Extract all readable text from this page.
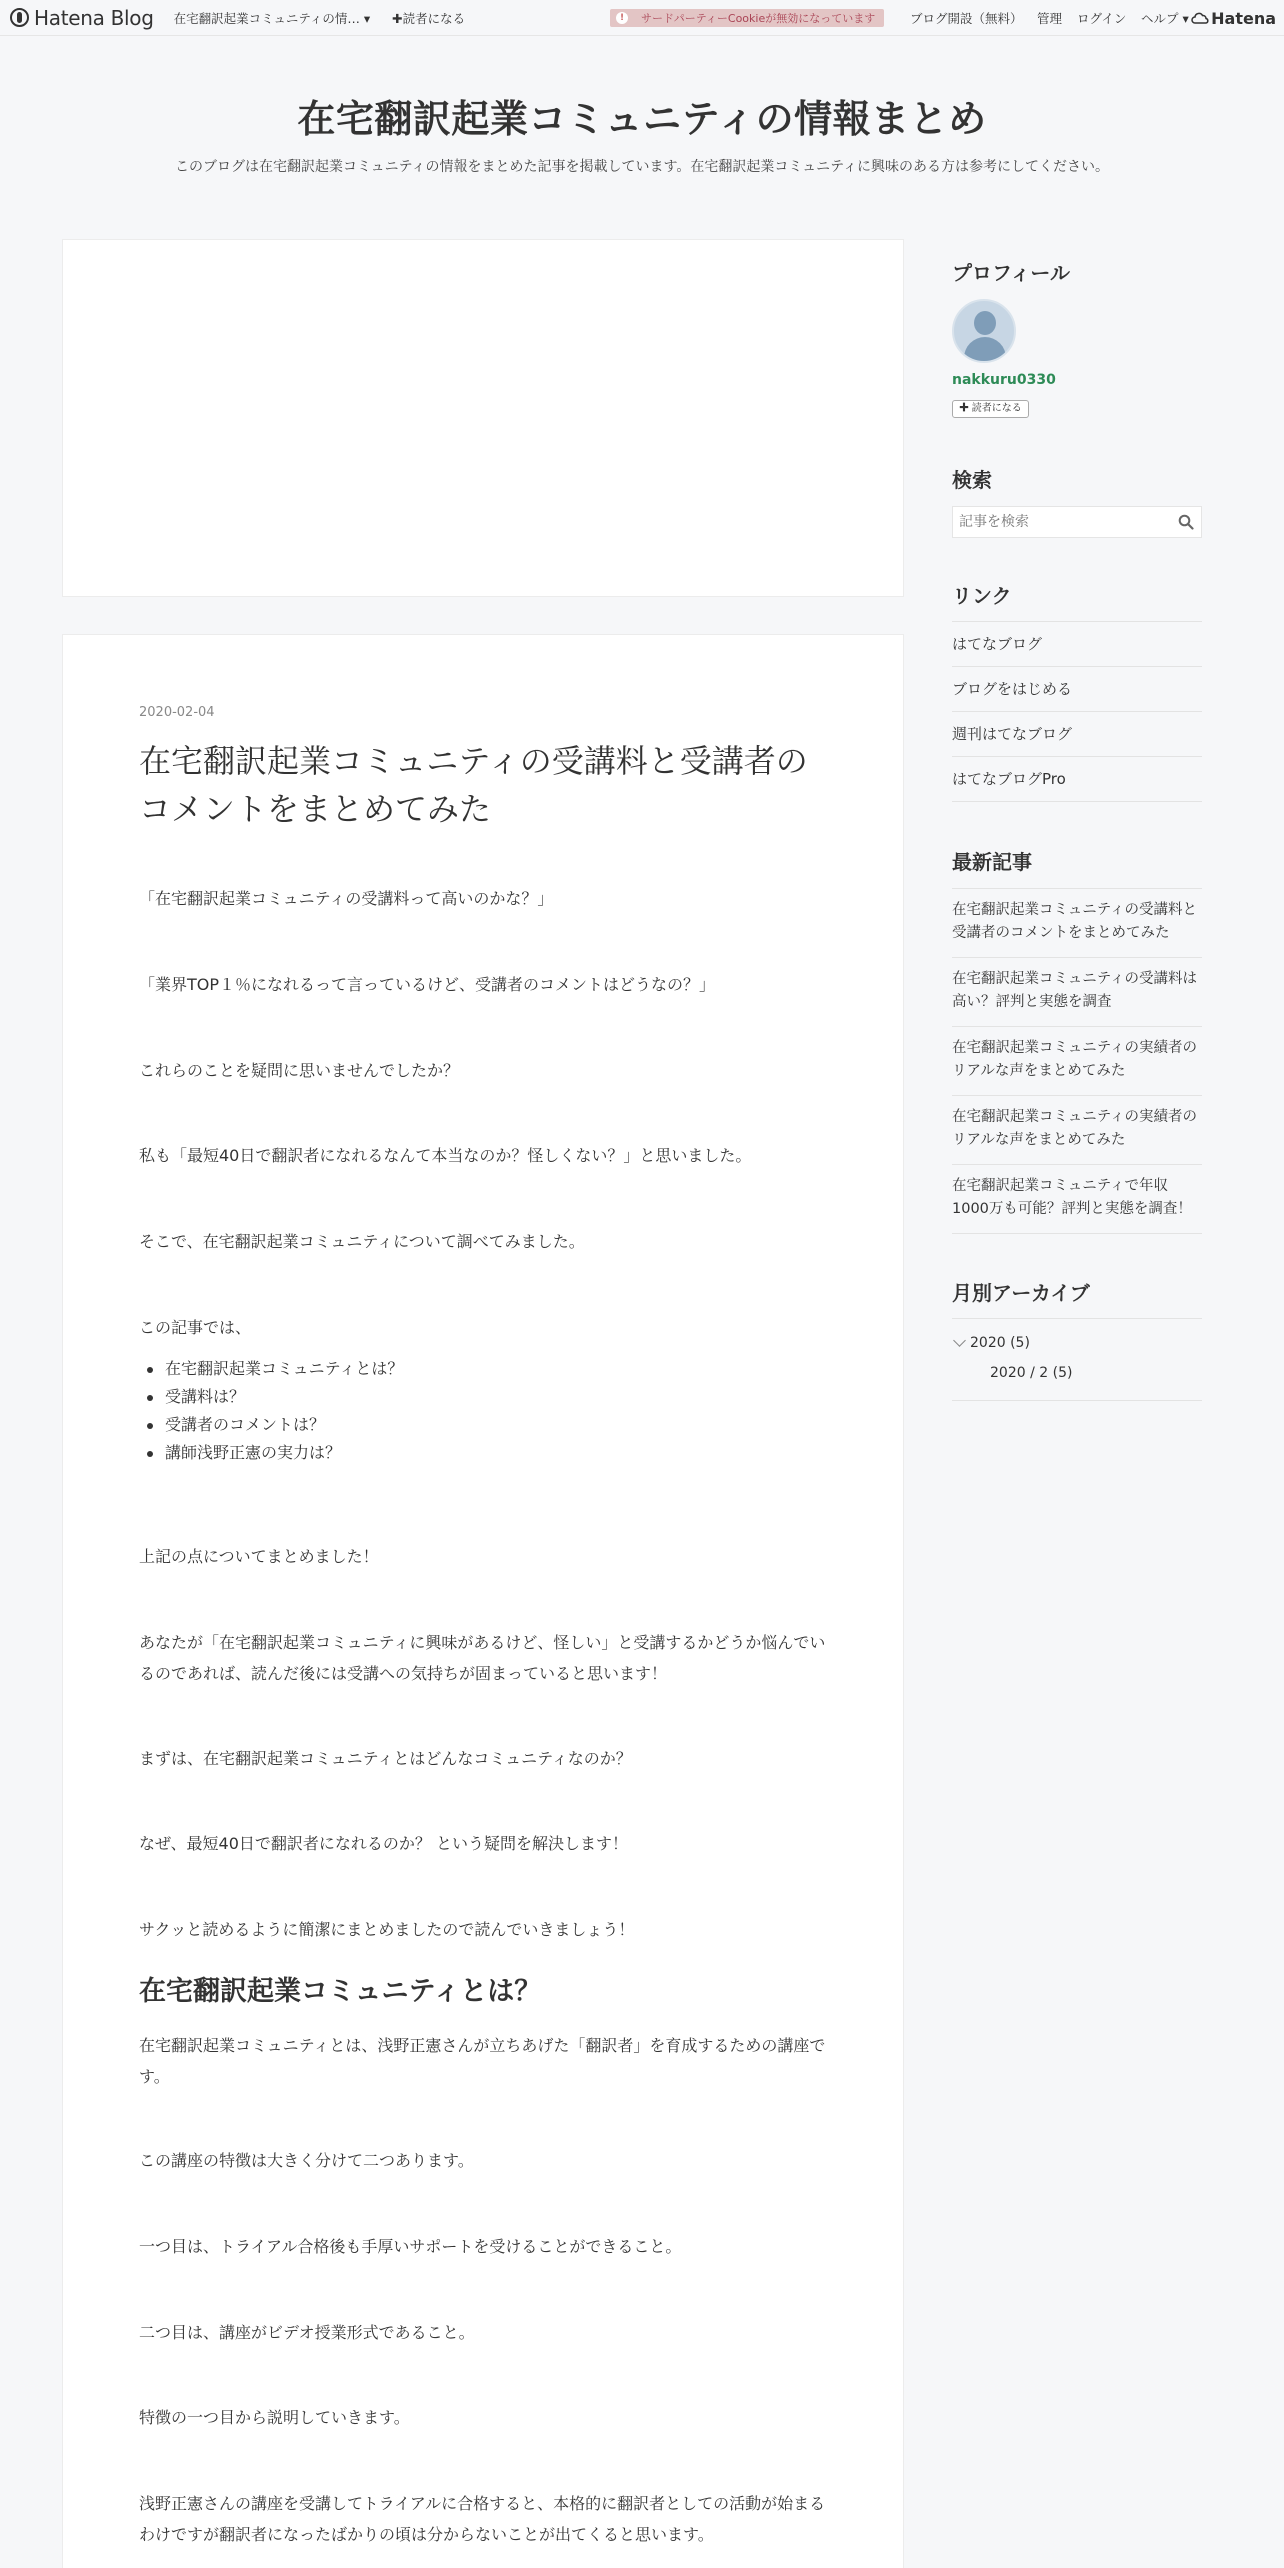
Hatena Blog 在宅翻訳起業コミュニティの情… ▾ ✚読者になる	!	サードパーティーCookieが無効になっています	ブログ開設（無料） 管理 ログイン ヘルプ ▾ Hatena
在宅翻訳起業コミュニティの情報まとめ

このブログは在宅翻訳起業コミュニティの情報をまとめた記事を掲載しています。在宅翻訳起業コミュニティに興味のある方は参考にしてください。

2020-02-04
在宅翻訳起業コミュニティの受講料と受講者のコメントをまとめてみた

「在宅翻訳起業コミュニティの受講料って高いのかな？」

「業界TOP１％になれるって言っているけど、受講者のコメントはどうなの？」

これらのことを疑問に思いませんでしたか？

私も「最短40日で翻訳者になれるなんて本当なのか？怪しくない？」と思いました。

そこで、在宅翻訳起業コミュニティについて調べてみました。

この記事では、

在宅翻訳起業コミュニティとは？
受講料は？
受講者のコメントは？
講師浅野正憲の実力は？

上記の点についてまとめました！

あなたが「在宅翻訳起業コミュニティに興味があるけど、怪しい」と受講するかどうか悩んでいるのであれば、読んだ後には受講への気持ちが固まっていると思います！

まずは、在宅翻訳起業コミュニティとはどんなコミュニティなのか？

なぜ、最短40日で翻訳者になれるのか？ という疑問を解決します！

サクッと読めるように簡潔にまとめましたので読んでいきましょう！

在宅翻訳起業コミュニティとは？

在宅翻訳起業コミュニティとは、浅野正憲さんが立ちあげた「翻訳者」を育成するための講座です。

この講座の特徴は大きく分けて二つあります。

一つ目は、トライアル合格後も手厚いサポートを受けることができること。

二つ目は、講座がビデオ授業形式であること。

特徴の一つ目から説明していきます。

浅野正憲さんの講座を受講してトライアルに合格すると、本格的に翻訳者としての活動が始まるわけですが翻訳者になったばかりの頃は分からないことが出てくると思います。

プロフィール
nakkuru0330
✚ 読者になる
検索
記事を検索
リンク
はてなブログ
ブログをはじめる
週刊はてなブログ
はてなブログPro
最新記事
在宅翻訳起業コミュニティの受講料と受講者のコメントをまとめてみた
在宅翻訳起業コミュニティの受講料は高い？評判と実態を調査
在宅翻訳起業コミュニティの実績者のリアルな声をまとめてみた
在宅翻訳起業コミュニティの実績者のリアルな声をまとめてみた
在宅翻訳起業コミュニティで年収1000万も可能？評判と実態を調査！
月別アーカイブ
2020 (5)
2020 / 2 (5)
